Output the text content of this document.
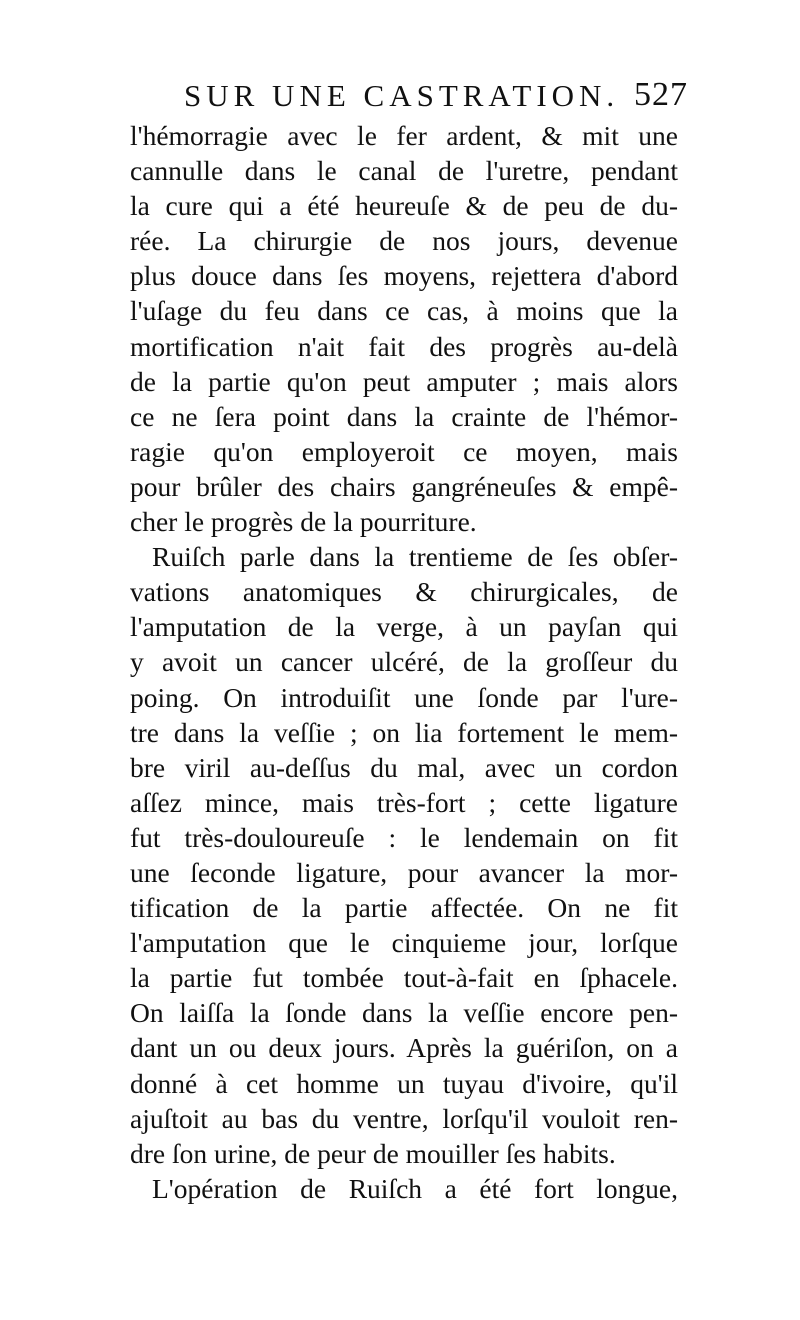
SUR UNE CASTRATION. 527
l'hémorragie avec le fer ardent, & mit une
cannulle dans le canal de l'uretre, pendant
la cure qui a été heureuſe & de peu de du-
rée. La chirurgie de nos jours, devenue
plus douce dans ſes moyens, rejettera d'abord
l'uſage du feu dans ce cas, à moins que la
mortification n'ait fait des progrès au-delà
de la partie qu'on peut amputer ; mais alors
ce ne ſera point dans la crainte de l'hémor-
ragie qu'on employeroit ce moyen, mais
pour brûler des chairs gangréneuſes & empê-
cher le progrès de la pourriture.
Ruiſch parle dans la trentieme de ſes obſer-
vations anatomiques & chirurgicales, de
l'amputation de la verge, à un payſan qui
y avoit un cancer ulcéré, de la groſſeur du
poing. On introduiſit une ſonde par l'ure-
tre dans la veſſie ; on lia fortement le mem-
bre viril au-deſſus du mal, avec un cordon
aſſez mince, mais très-fort ; cette ligature
fut très-douloureuſe : le lendemain on fit
une ſeconde ligature, pour avancer la mor-
tification de la partie affectée. On ne fit
l'amputation que le cinquieme jour, lorſque
la partie fut tombée tout-à-fait en ſphacele.
On laiſſa la ſonde dans la veſſie encore pen-
dant un ou deux jours. Après la guériſon, on a
donné à cet homme un tuyau d'ivoire, qu'il
ajuſtoit au bas du ventre, lorſqu'il vouloit ren-
dre ſon urine, de peur de mouiller ſes habits.
L'opération de Ruiſch a été fort longue,
